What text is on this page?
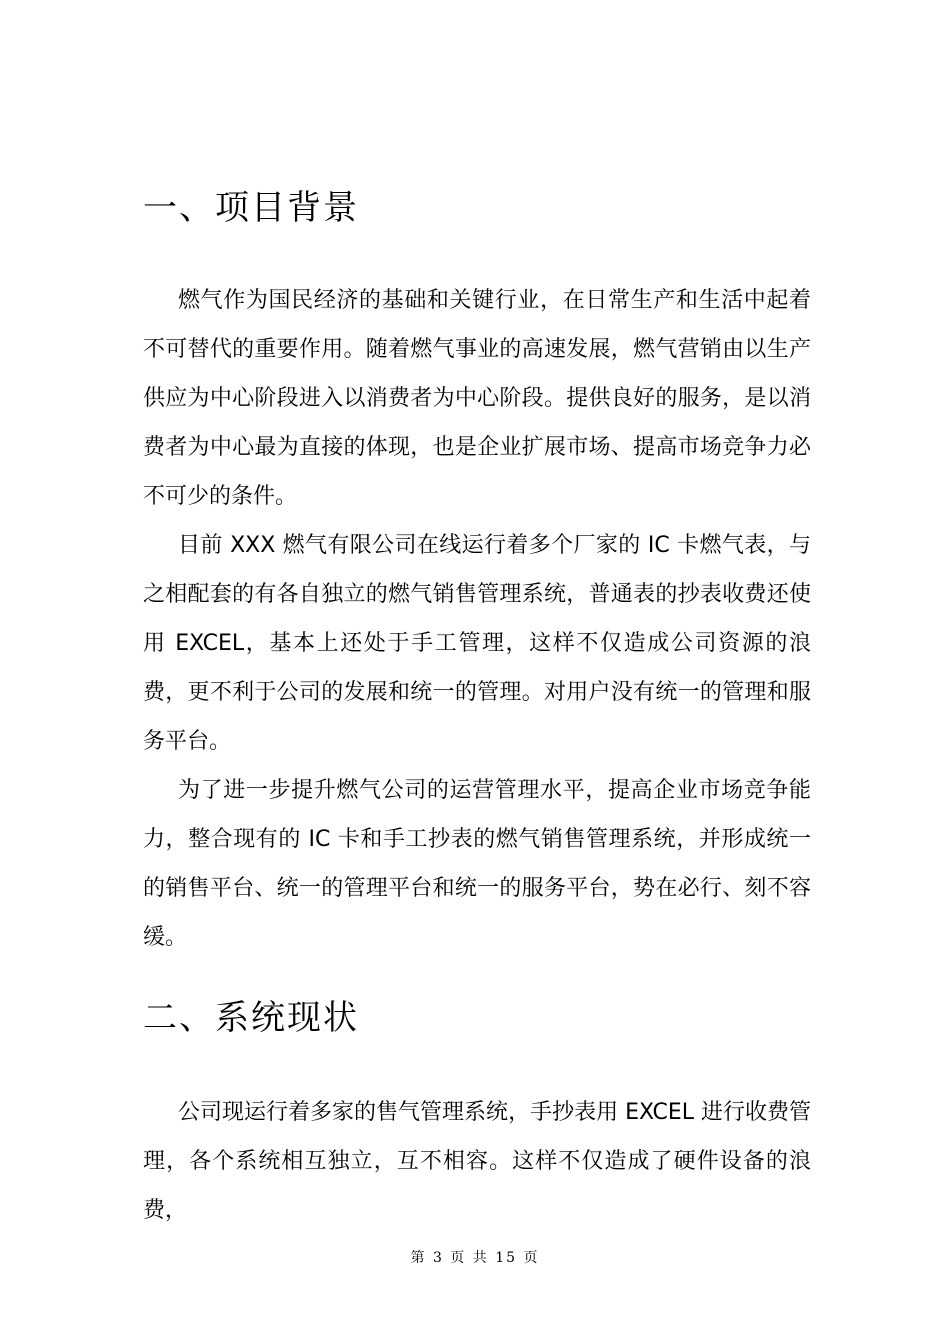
一、项目背景

燃气作为国民经济的基础和关键行业，在日常生产和生活中起着不可替代的重要作用。随着燃气事业的高速发展，燃气营销由以生产供应为中心阶段进入以消费者为中心阶段。提供良好的服务，是以消费者为中心最为直接的体现，也是企业扩展市场、提高市场竞争力必不可少的条件。

目前 XXX 燃气有限公司在线运行着多个厂家的 IC 卡燃气表，与之相配套的有各自独立的燃气销售管理系统，普通表的抄表收费还使用 EXCEL，基本上还处于手工管理，这样不仅造成公司资源的浪费，更不利于公司的发展和统一的管理。对用户没有统一的管理和服务平台。

为了进一步提升燃气公司的运营管理水平，提高企业市场竞争能力，整合现有的 IC 卡和手工抄表的燃气销售管理系统，并形成统一的销售平台、统一的管理平台和统一的服务平台，势在必行、刻不容缓。

二、系统现状

公司现运行着多家的售气管理系统，手抄表用 EXCEL 进行收费管理，各个系统相互独立，互不相容。这样不仅造成了硬件设备的浪费，

第 3 页 共 15 页
